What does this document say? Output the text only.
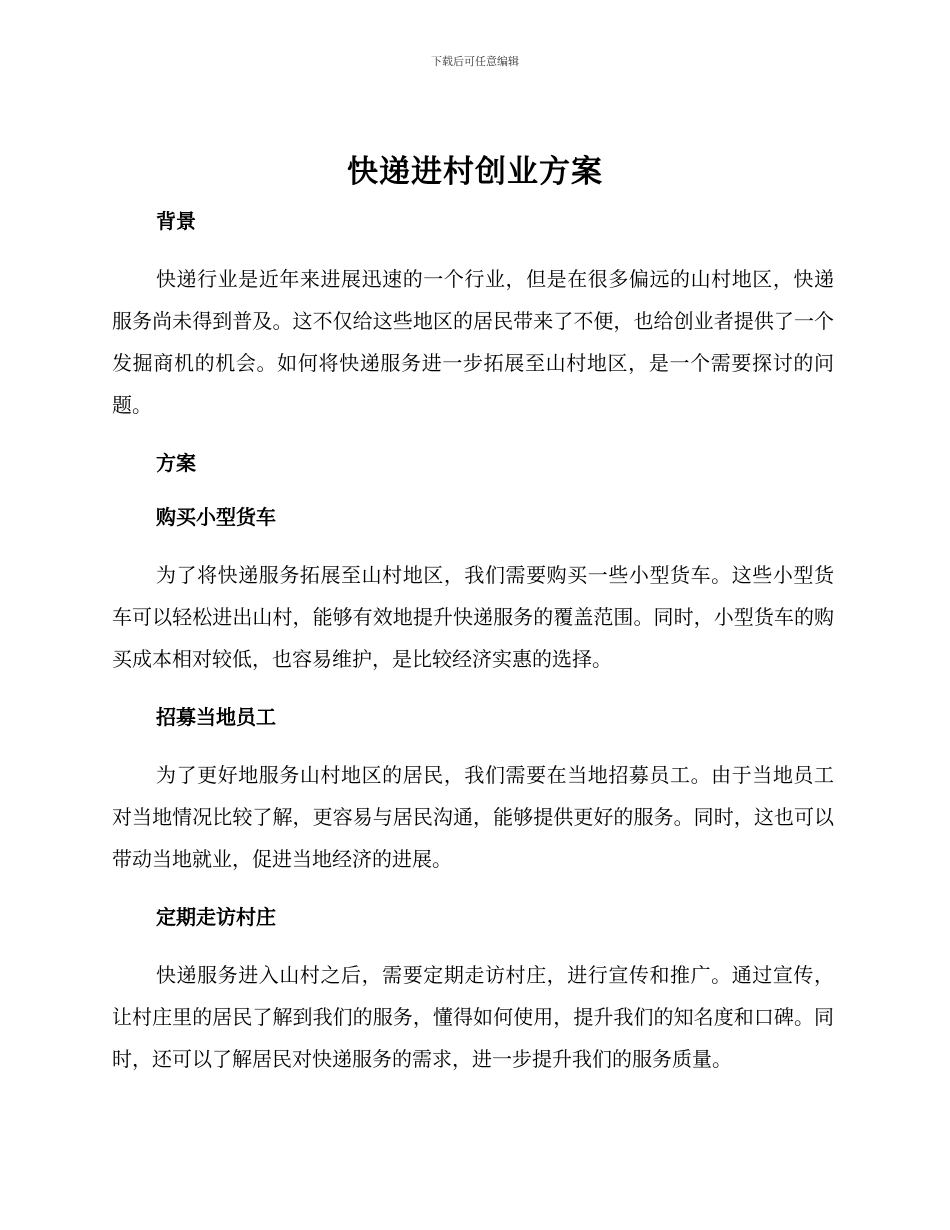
下载后可任意编辑
快递进村创业方案
背景

快递行业是近年来进展迅速的一个行业，但是在很多偏远的山村地区，快递服务尚未得到普及。这不仅给这些地区的居民带来了不便，也给创业者提供了一个发掘商机的机会。如何将快递服务进一步拓展至山村地区，是一个需要探讨的问题。

方案
购买小型货车

为了将快递服务拓展至山村地区，我们需要购买一些小型货车。这些小型货车可以轻松进出山村，能够有效地提升快递服务的覆盖范围。同时，小型货车的购买成本相对较低，也容易维护，是比较经济实惠的选择。

招募当地员工

为了更好地服务山村地区的居民，我们需要在当地招募员工。由于当地员工对当地情况比较了解，更容易与居民沟通，能够提供更好的服务。同时，这也可以带动当地就业，促进当地经济的进展。

定期走访村庄

快递服务进入山村之后，需要定期走访村庄，进行宣传和推广。通过宣传，让村庄里的居民了解到我们的服务，懂得如何使用，提升我们的知名度和口碑。同时，还可以了解居民对快递服务的需求，进一步提升我们的服务质量。
